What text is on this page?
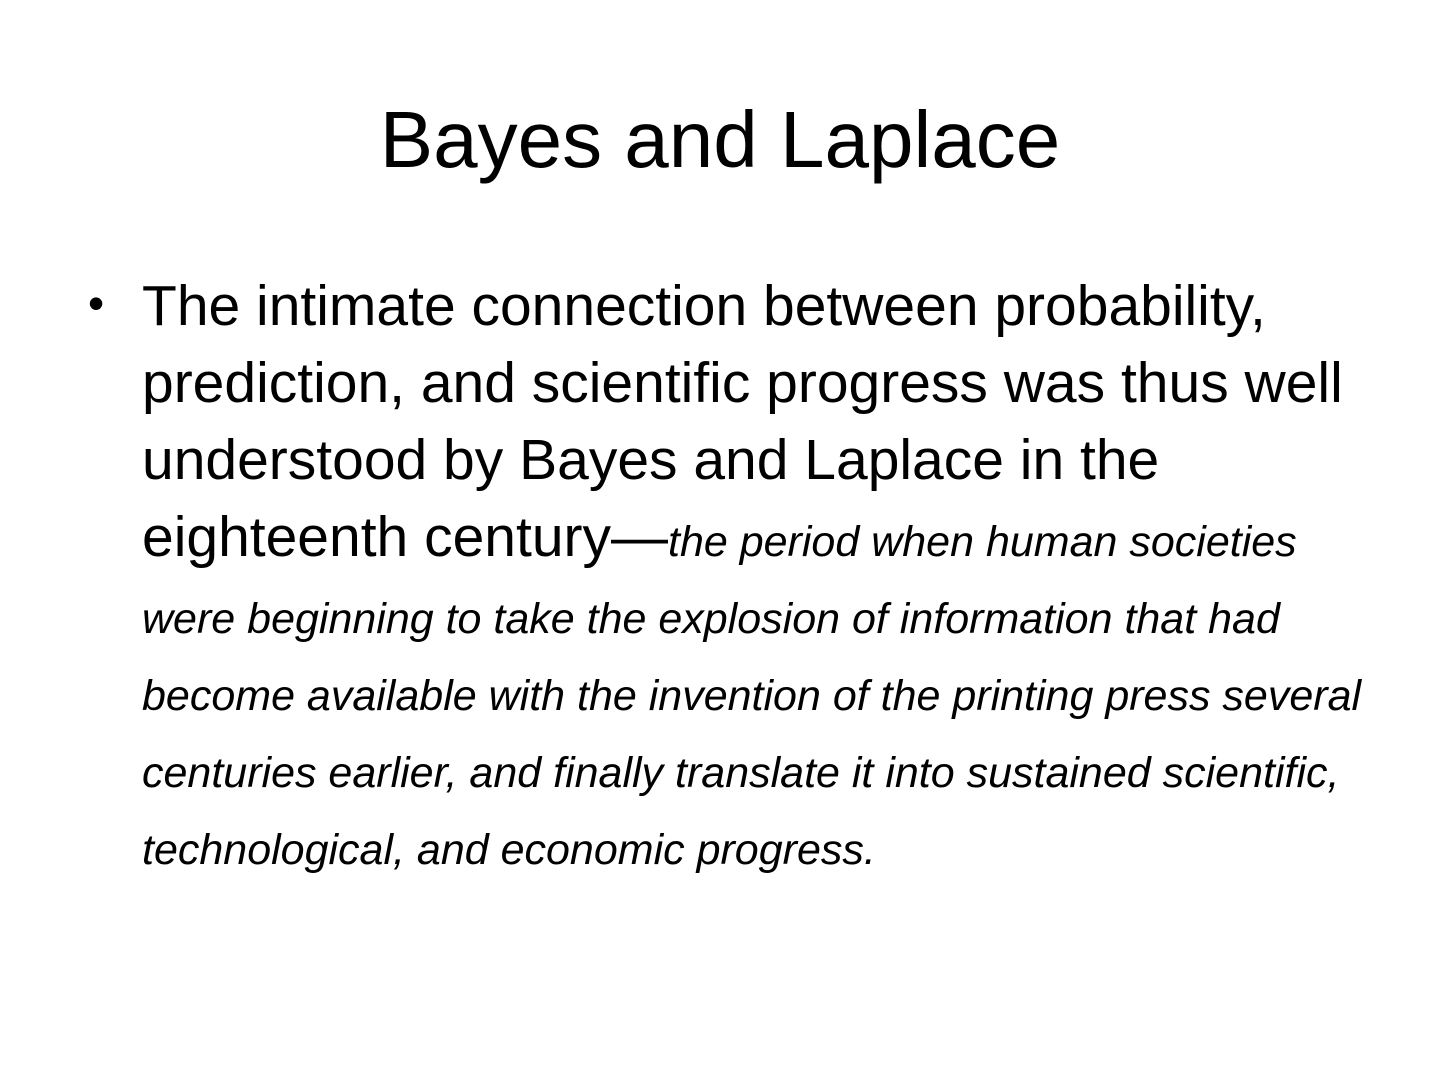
Bayes and Laplace
• The intimate connection between probability, prediction, and scientific progress was thus well understood by Bayes and Laplace in the eighteenth century—the period when human societies were beginning to take the explosion of information that had become available with the invention of the printing press several centuries earlier, and finally translate it into sustained scientific, technological, and economic progress.
